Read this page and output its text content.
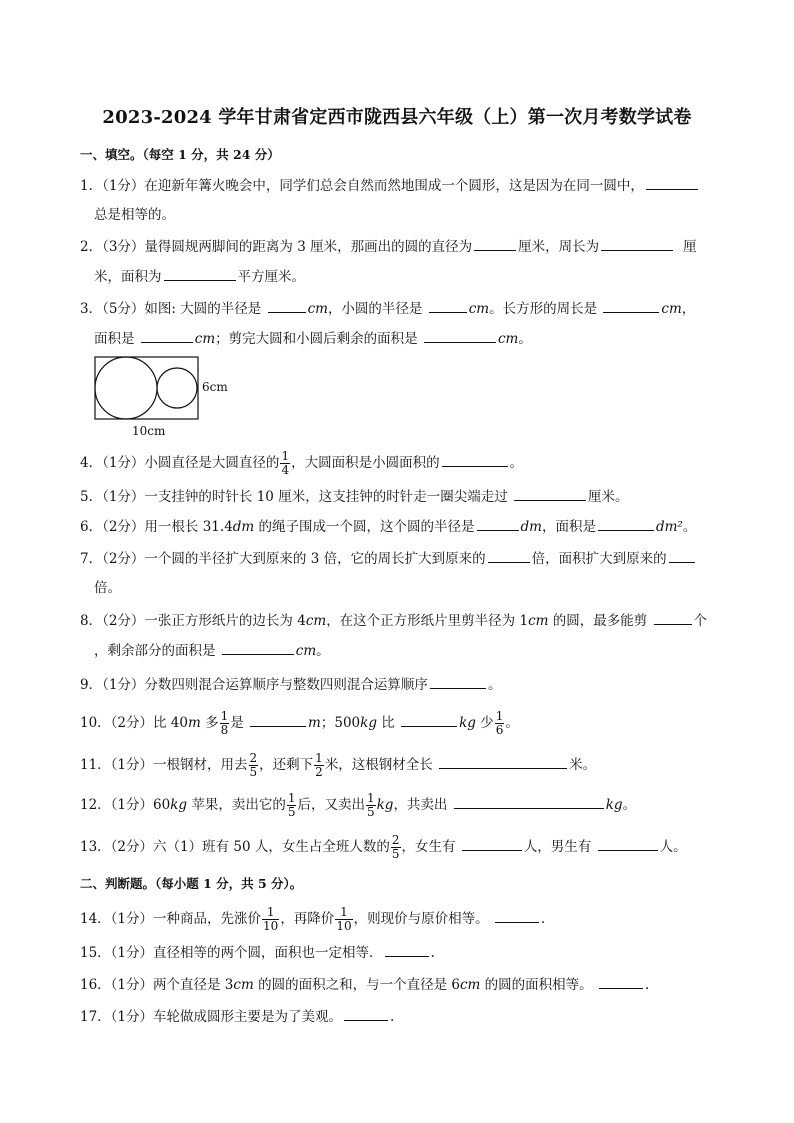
2023-2024 学年甘肃省定西市陇西县六年级（上）第一次月考数学试卷
一、填空。（每空 1 分，共 24 分）
1．（1分）在迎新年篝火晚会中，同学们总会自然而然地围成一个圆形，这是因为在同一圆中，
总是相等的。
2．（3分）量得圆规两脚间的距离为 3 厘米，那画出的圆的直径为	厘米，周长为	厘
米，面积为	平方厘米。
3．（5分）如图: 大圆的半径是	cm，小圆的半径是	cm。长方形的周长是	cm，
面积是	cm；剪完大圆和小圆后剩余的面积是	cm。
6cm
10cm
4．（1分）小圆直径是大圆直径的 $\frac{1}{4}$ ，大圆面积是小圆面积的	。
5．（1分）一支挂钟的时针长 10 厘米，这支挂钟的时针走一圈尖端走过	厘米。
6．（2分）用一根长 31.4dm 的绳子围成一个圆，这个圆的半径是	dm，面积是	dm²。
7．（2分）一个圆的半径扩大到原来的 3 倍，它的周长扩大到原来的	倍，面积扩大到原来的
倍。
8．（2分）一张正方形纸片的边长为 4cm，在这个正方形纸片里剪半径为 1cm 的圆，最多能剪	个
，剩余部分的面积是	cm。
9．（1分）分数四则混合运算顺序与整数四则混合运算顺序	。
10．（2分）比 40m 多 $\frac{1}{8}$ 是	m；500kg 比	kg 少 $\frac{1}{6}$ 。
11．（1分）一根钢材，用去 $\frac{2}{5}$ ，还剩下 $\frac{1}{2}$ 米，这根钢材全长	米。
12．（1分）60kg 苹果，卖出它的 $\frac{1}{5}$ 后，又卖出 $\frac{1}{5}$ kg，共卖出	kg。
13．（2分）六（1）班有 50 人，女生占全班人数的 $\frac{2}{5}$ ，女生有	人，男生有	人。
二、判断题。（每小题 1 分，共 5 分）。
14．（1分）一种商品，先涨价 $\frac{1}{10}$ ，再降价 $\frac{1}{10}$ ，则现价与原价相等。	.
15．（1分）直径相等的两个圆，面积也一定相等．	.
16．（1分）两个直径是 3cm 的圆的面积之和，与一个直径是 6cm 的圆的面积相等。	.
17．（1分）车轮做成圆形主要是为了美观。	.
